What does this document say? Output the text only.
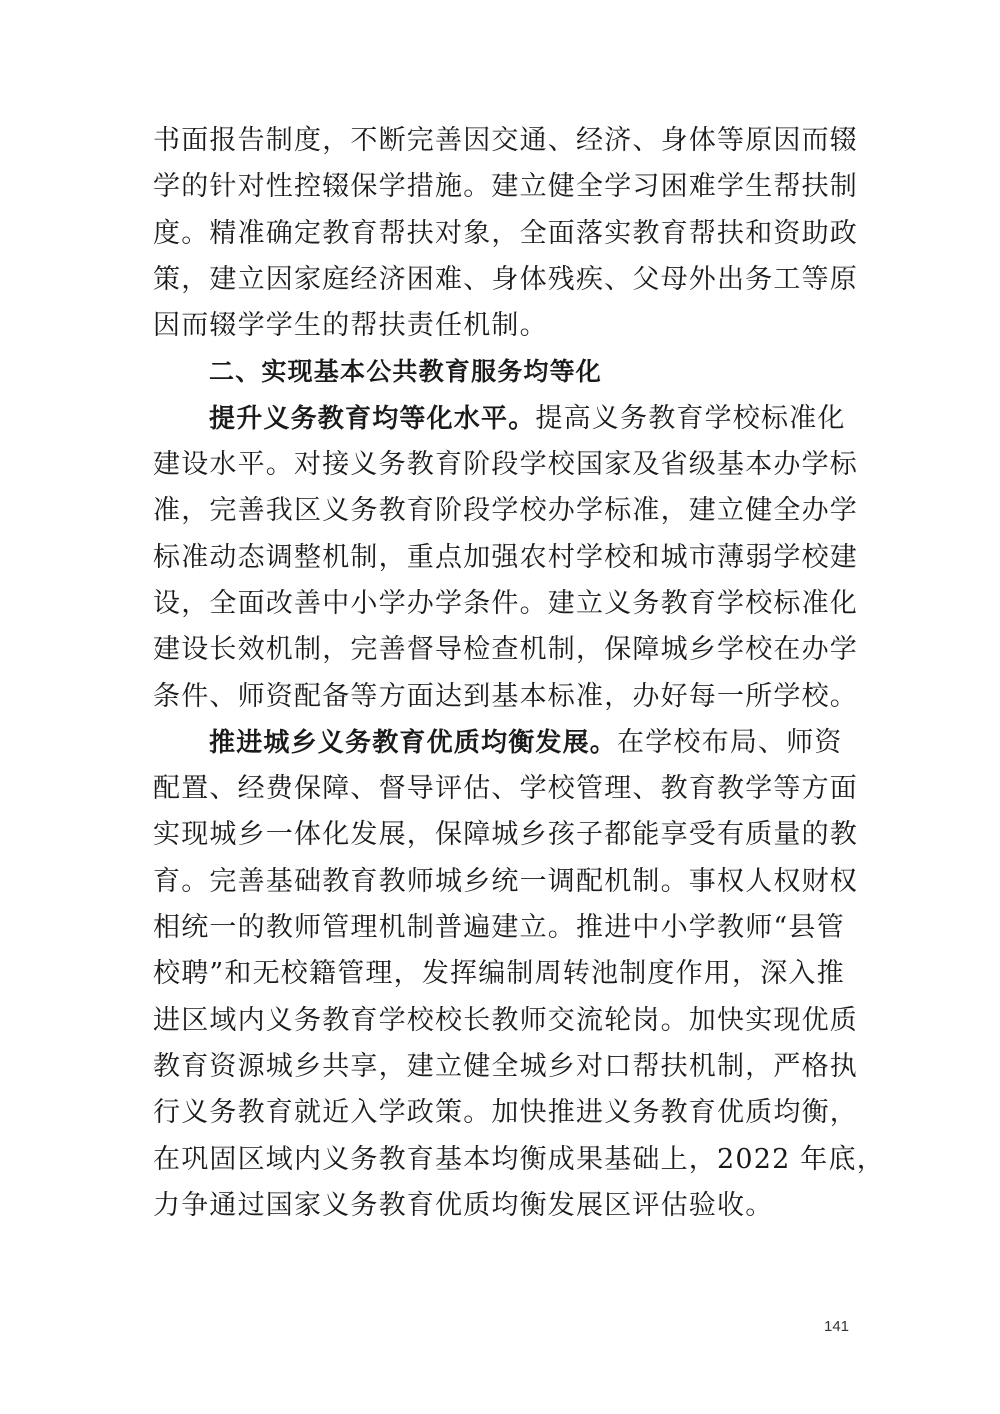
书面报告制度，不断完善因交通、经济、身体等原因而辍
学的针对性控辍保学措施。建立健全学习困难学生帮扶制
度。精准确定教育帮扶对象，全面落实教育帮扶和资助政
策，建立因家庭经济困难、身体残疾、父母外出务工等原
因而辍学学生的帮扶责任机制。
二、实现基本公共教育服务均等化
提升义务教育均等化水平。提高义务教育学校标准化
建设水平。对接义务教育阶段学校国家及省级基本办学标
准，完善我区义务教育阶段学校办学标准，建立健全办学
标准动态调整机制，重点加强农村学校和城市薄弱学校建
设，全面改善中小学办学条件。建立义务教育学校标准化
建设长效机制，完善督导检查机制，保障城乡学校在办学
条件、师资配备等方面达到基本标准，办好每一所学校。
推进城乡义务教育优质均衡发展。在学校布局、师资
配置、经费保障、督导评估、学校管理、教育教学等方面
实现城乡一体化发展，保障城乡孩子都能享受有质量的教
育。完善基础教育教师城乡统一调配机制。事权人权财权
相统一的教师管理机制普遍建立。推进中小学教师“县管
校聘”和无校籍管理，发挥编制周转池制度作用，深入推
进区域内义务教育学校校长教师交流轮岗。加快实现优质
教育资源城乡共享，建立健全城乡对口帮扶机制，严格执
行义务教育就近入学政策。加快推进义务教育优质均衡，
在巩固区域内义务教育基本均衡成果基础上，2022 年底，
力争通过国家义务教育优质均衡发展区评估验收。
141
